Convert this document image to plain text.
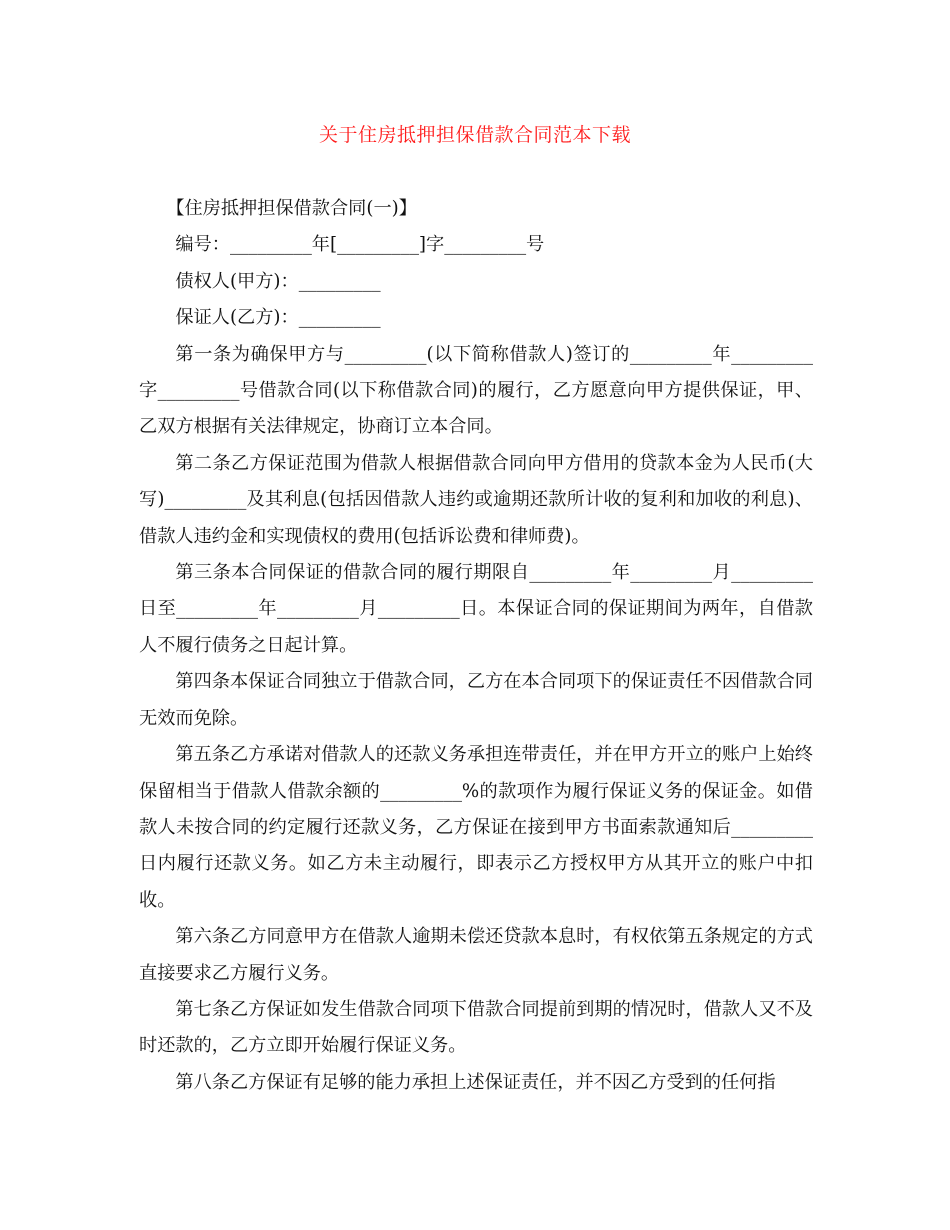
关于住房抵押担保借款合同范本下载

【住房抵押担保借款合同(一)】

编号：_________年[_________]字_________号

债权人(甲方)：_________

保证人(乙方)：_________

第一条为确保甲方与_________(以下简称借款人)签订的_________年_________字_________号借款合同(以下称借款合同)的履行，乙方愿意向甲方提供保证，甲、乙双方根据有关法律规定，协商订立本合同。

第二条乙方保证范围为借款人根据借款合同向甲方借用的贷款本金为人民币(大写)_________及其利息(包括因借款人违约或逾期还款所计收的复利和加收的利息)、借款人违约金和实现债权的费用(包括诉讼费和律师费)。

第三条本合同保证的借款合同的履行期限自_________年_________月_________日至_________年_________月_________日。本保证合同的保证期间为两年，自借款人不履行债务之日起计算。

第四条本保证合同独立于借款合同，乙方在本合同项下的保证责任不因借款合同无效而免除。

第五条乙方承诺对借款人的还款义务承担连带责任，并在甲方开立的账户上始终保留相当于借款人借款余额的_________%的款项作为履行保证义务的保证金。如借款人未按合同的约定履行还款义务，乙方保证在接到甲方书面索款通知后_________日内履行还款义务。如乙方未主动履行，即表示乙方授权甲方从其开立的账户中扣收。

第六条乙方同意甲方在借款人逾期未偿还贷款本息时，有权依第五条规定的方式直接要求乙方履行义务。

第七条乙方保证如发生借款合同项下借款合同提前到期的情况时，借款人又不及时还款的，乙方立即开始履行保证义务。

第八条乙方保证有足够的能力承担上述保证责任，并不因乙方受到的任何指
